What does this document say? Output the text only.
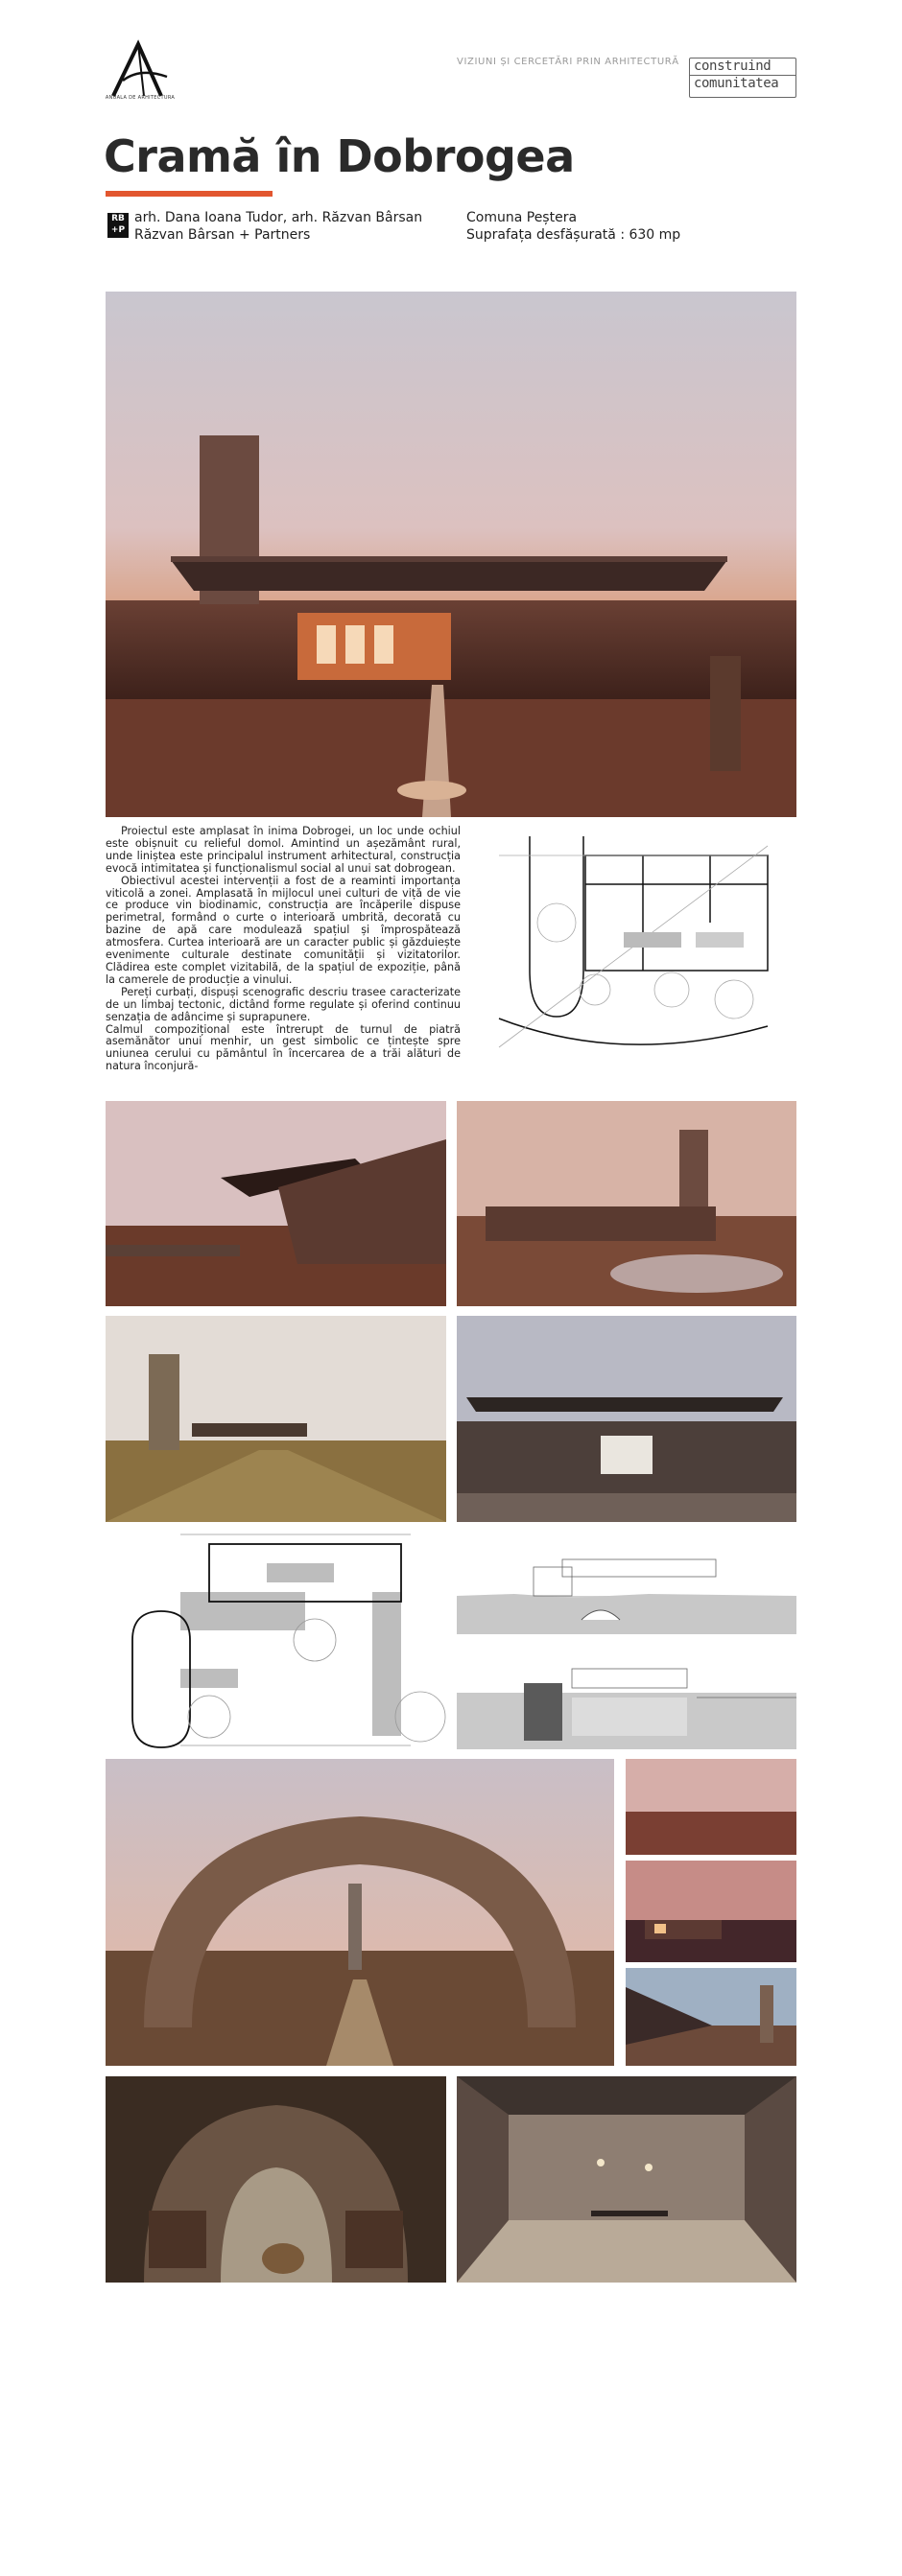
ANUALA DE ARHITECTURA
VIZIUNI ȘI CERCETĂRI PRIN ARHITECTURĂ construind
comunitatea
Cramă în Dobrogea
RB
+P
arh. Dana Ioana Tudor, arh. Răzvan Bârsan
Răzvan Bârsan + Partners
Comuna Peștera
Suprafața desfășurată : 630 mp

Proiectul este amplasat în inima Dobrogei, un loc unde ochiul este obișnuit cu relieful domol. Amintind un așezământ rural, unde liniștea este principalul instrument arhitectural, construcția evocă intimitatea și funcționalismul social al unui sat dobrogean.

Obiectivul acestei intervenții a fost de a reaminti importanța viticolă a zonei. Amplasată în mijlocul unei culturi de viță de vie ce produce vin biodinamic, construcția are încăperile dispuse perimetral, formând o curte o interioară umbrită, decorată cu bazine de apă care modulează spațiul și împrospătează atmosfera. Curtea interioară are un caracter public și găzduiește evenimente culturale destinate comunității și vizitatorilor. Clădirea este complet vizitabilă, de la spațiul de expoziție, până la camerele de producție a vinului.

Pereți curbați, dispuși scenografic descriu trasee caracterizate de un limbaj tectonic, dictând forme regulate și oferind continuu senzația de adâncime și suprapunere.

Calmul compozițional este întrerupt de turnul de piatră asemănător unui menhir, un gest simbolic ce țintește spre uniunea cerului cu pământul în încercarea de a trăi alături de natura înconjură-
